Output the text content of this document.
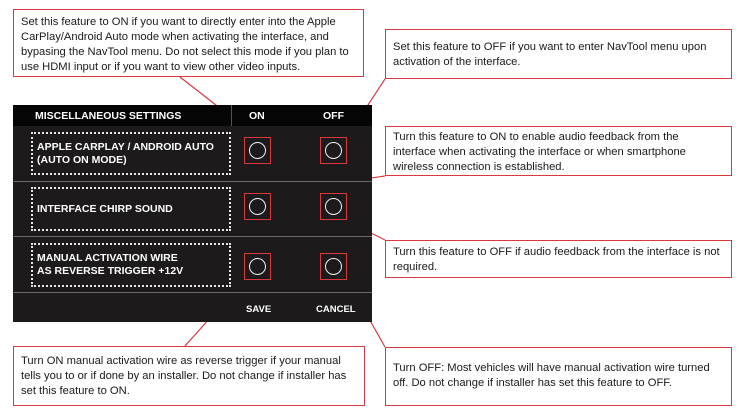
Set this feature to ON if you want to directly enter into the Apple CarPlay/Android Auto mode when activating the interface, and bypasing the NavTool menu. Do not select this mode if you plan to use HDMI input or if you want to view other video inputs.
Set this feature to OFF if you want to enter NavTool menu upon activation of the interface.
Turn this feature to ON to enable audio feedback from the interface when activating the interface or when smartphone wireless connection is established.
Turn this feature to OFF if audio feedback from the interface is not required.
Turn ON manual activation wire as reverse trigger if your manual tells you to or if done by an installer. Do not change if installer has set this feature to ON.
Turn OFF: Most vehicles will have manual activation wire turned off. Do not change if installer has set this feature to OFF.
MISCELLANEOUS SETTINGS	ON	OFF
APPLE CARPLAY / ANDROID AUTO
(AUTO ON MODE)
INTERFACE CHIRP SOUND
MANUAL ACTIVATION WIRE
AS REVERSE TRIGGER +12V
SAVE	CANCEL
